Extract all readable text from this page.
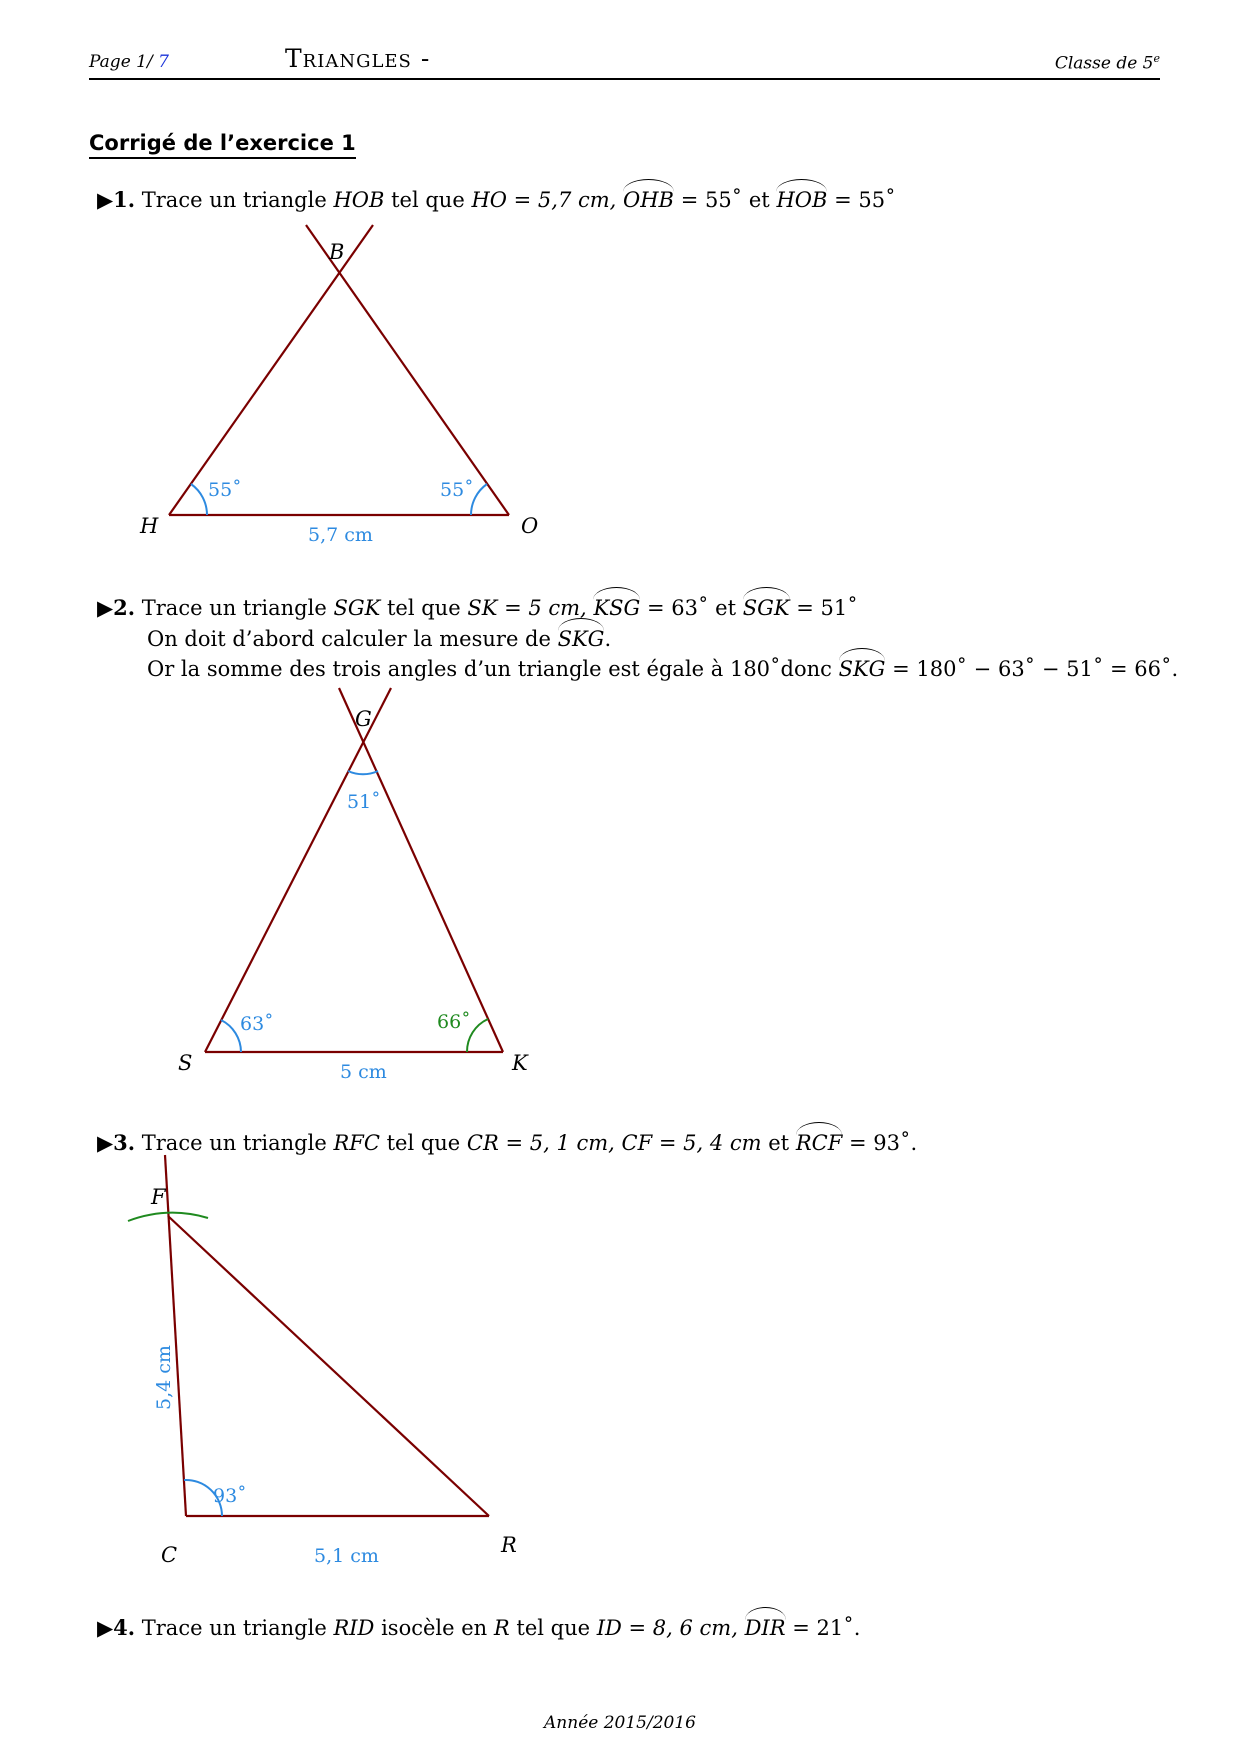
Page 1/ 7	Triangles -	Classe de 5e
Corrigé de l’exercice 1
▶1. Trace un triangle HOB tel que HO = 5,7 cm, OHB = 55˚ et HOB = 55˚
▶2. Trace un triangle SGK tel que SK = 5 cm, KSG = 63˚ et SGK = 51˚
On doit d’abord calculer la mesure de SKG.
Or la somme des trois angles d’un triangle est égale à 180˚donc SKG = 180˚ − 63˚ − 51˚ = 66˚.
▶3. Trace un triangle RFC tel que CR = 5, 1 cm, CF = 5, 4 cm et RCF = 93˚.
▶4. Trace un triangle RID isocèle en R tel que ID = 8, 6 cm, DIR = 21˚.
B
H	O
55˚	55˚
5,7 cm
G
S	K
51˚
63˚	66˚
5 cm
F
C	R
93˚
5,1 cm
5,4 cm
Année 2015/2016
